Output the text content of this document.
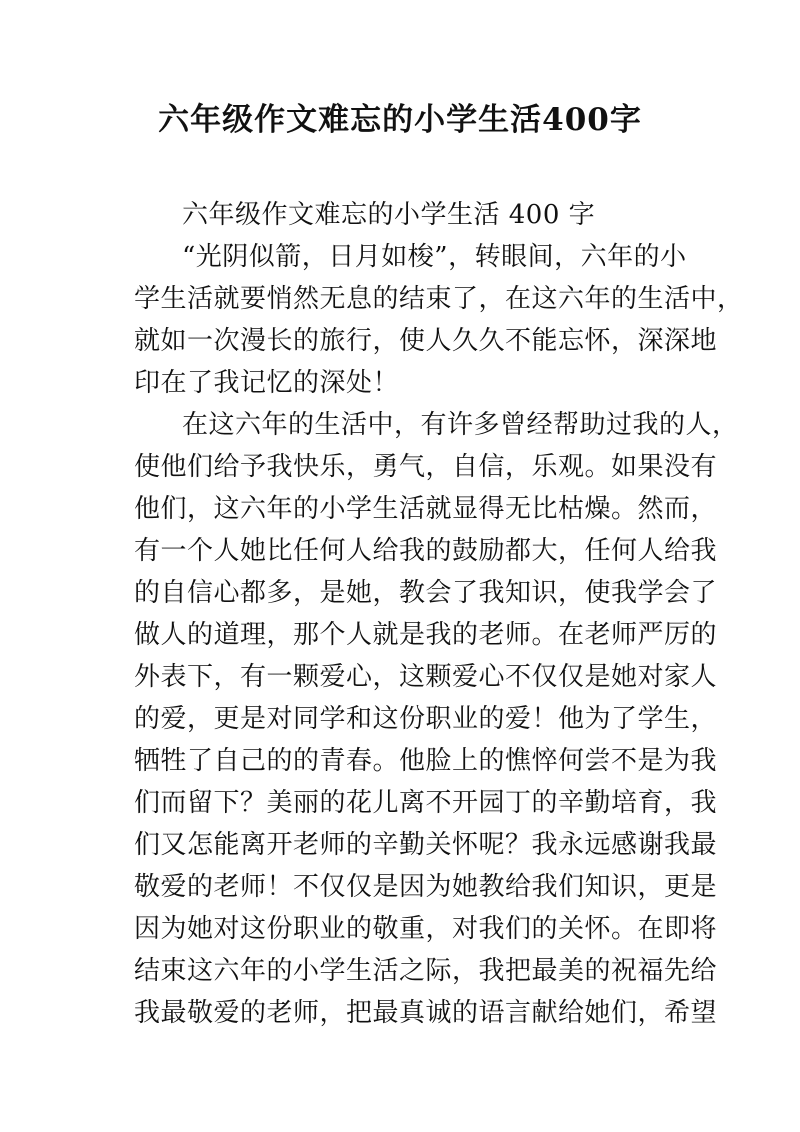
六年级作文难忘的小学生活400字
六年级作文难忘的小学生活 400 字
“光阴似箭，日月如梭”，转眼间，六年的小
学生活就要悄然无息的结束了，在这六年的生活中，
就如一次漫长的旅行，使人久久不能忘怀，深深地
印在了我记忆的深处！
在这六年的生活中，有许多曾经帮助过我的人，
使他们给予我快乐，勇气，自信，乐观。如果没有
他们，这六年的小学生活就显得无比枯燥。然而，
有一个人她比任何人给我的鼓励都大，任何人给我
的自信心都多，是她，教会了我知识，使我学会了
做人的道理，那个人就是我的老师。在老师严厉的
外表下，有一颗爱心，这颗爱心不仅仅是她对家人
的爱，更是对同学和这份职业的爱！他为了学生，
牺牲了自己的的青春。他脸上的憔悴何尝不是为我
们而留下？美丽的花儿离不开园丁的辛勤培育，我
们又怎能离开老师的辛勤关怀呢？我永远感谢我最
敬爱的老师！不仅仅是因为她教给我们知识，更是
因为她对这份职业的敬重，对我们的关怀。在即将
结束这六年的小学生活之际，我把最美的祝福先给
我最敬爱的老师，把最真诚的语言献给她们，希望
